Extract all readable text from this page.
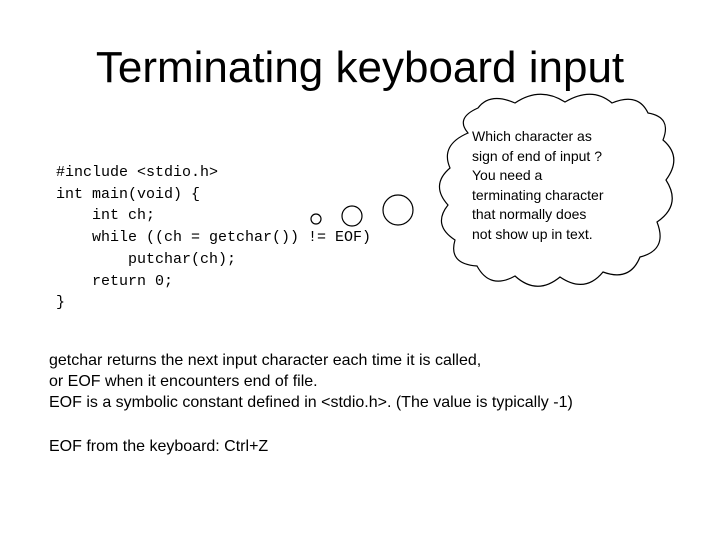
Terminating keyboard input
#include <stdio.h>
int main(void) {
int ch;
while ((ch = getchar()) != EOF)
putchar(ch);
return 0;
}
Which character as
sign of end of input ?
You need a
terminating character
that normally does
not show up in text.
getchar returns the next input character each time it is called,
or EOF when it encounters end of file.
EOF is a symbolic constant defined in <stdio.h>. (The value is typically -1)
EOF from the keyboard: Ctrl+Z
